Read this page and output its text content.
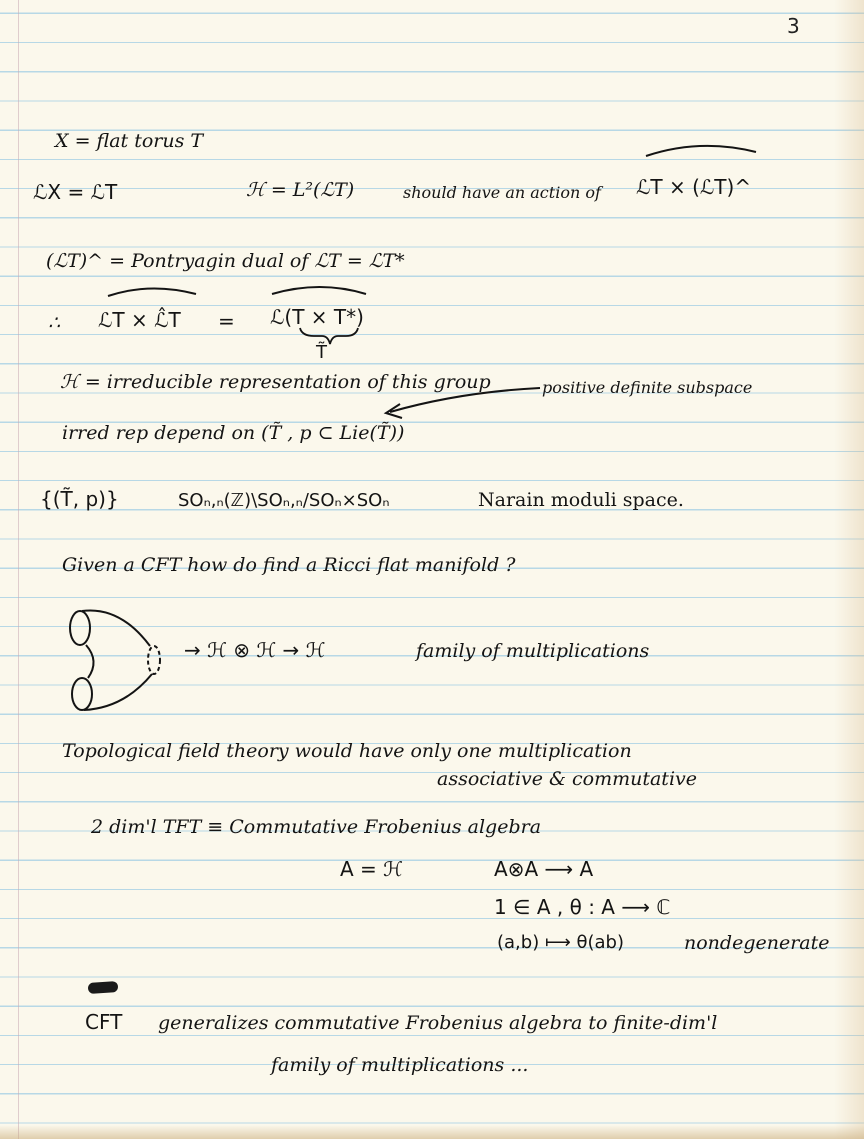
3
X = flat torus T
ℒX = ℒT	ℋ = L²(ℒT)	should have an action of ℒT × (ℒT)^
(ℒT)^ = Pontryagin dual of ℒT = ℒT*
∴ ℒT × ℒ̂T = ℒ(T × T*)
T̃
ℋ = irreducible representation of this group	positive definite subspace
irred rep depend on (T̃ , p ⊂ Lie(T̃))
{(T̃, p)}	SOₙ,ₙ(ℤ)\SOₙ,ₙ/SOₙ×SOₙ	Narain moduli space.
Given a CFT how do find a Ricci flat manifold ?
→ ℋ ⊗ ℋ → ℋ	family of multiplications
Topological field theory would have only one multiplication
associative & commutative
2 dim'l TFT ≡ Commutative Frobenius algebra
A = ℋ	A⊗A ⟶ A
1 ∈ A , θ : A ⟶ ℂ
(a,b) ⟼ θ(ab)	nondegenerate
CFT generalizes commutative Frobenius algebra to finite-dim'l
family of multiplications ...
